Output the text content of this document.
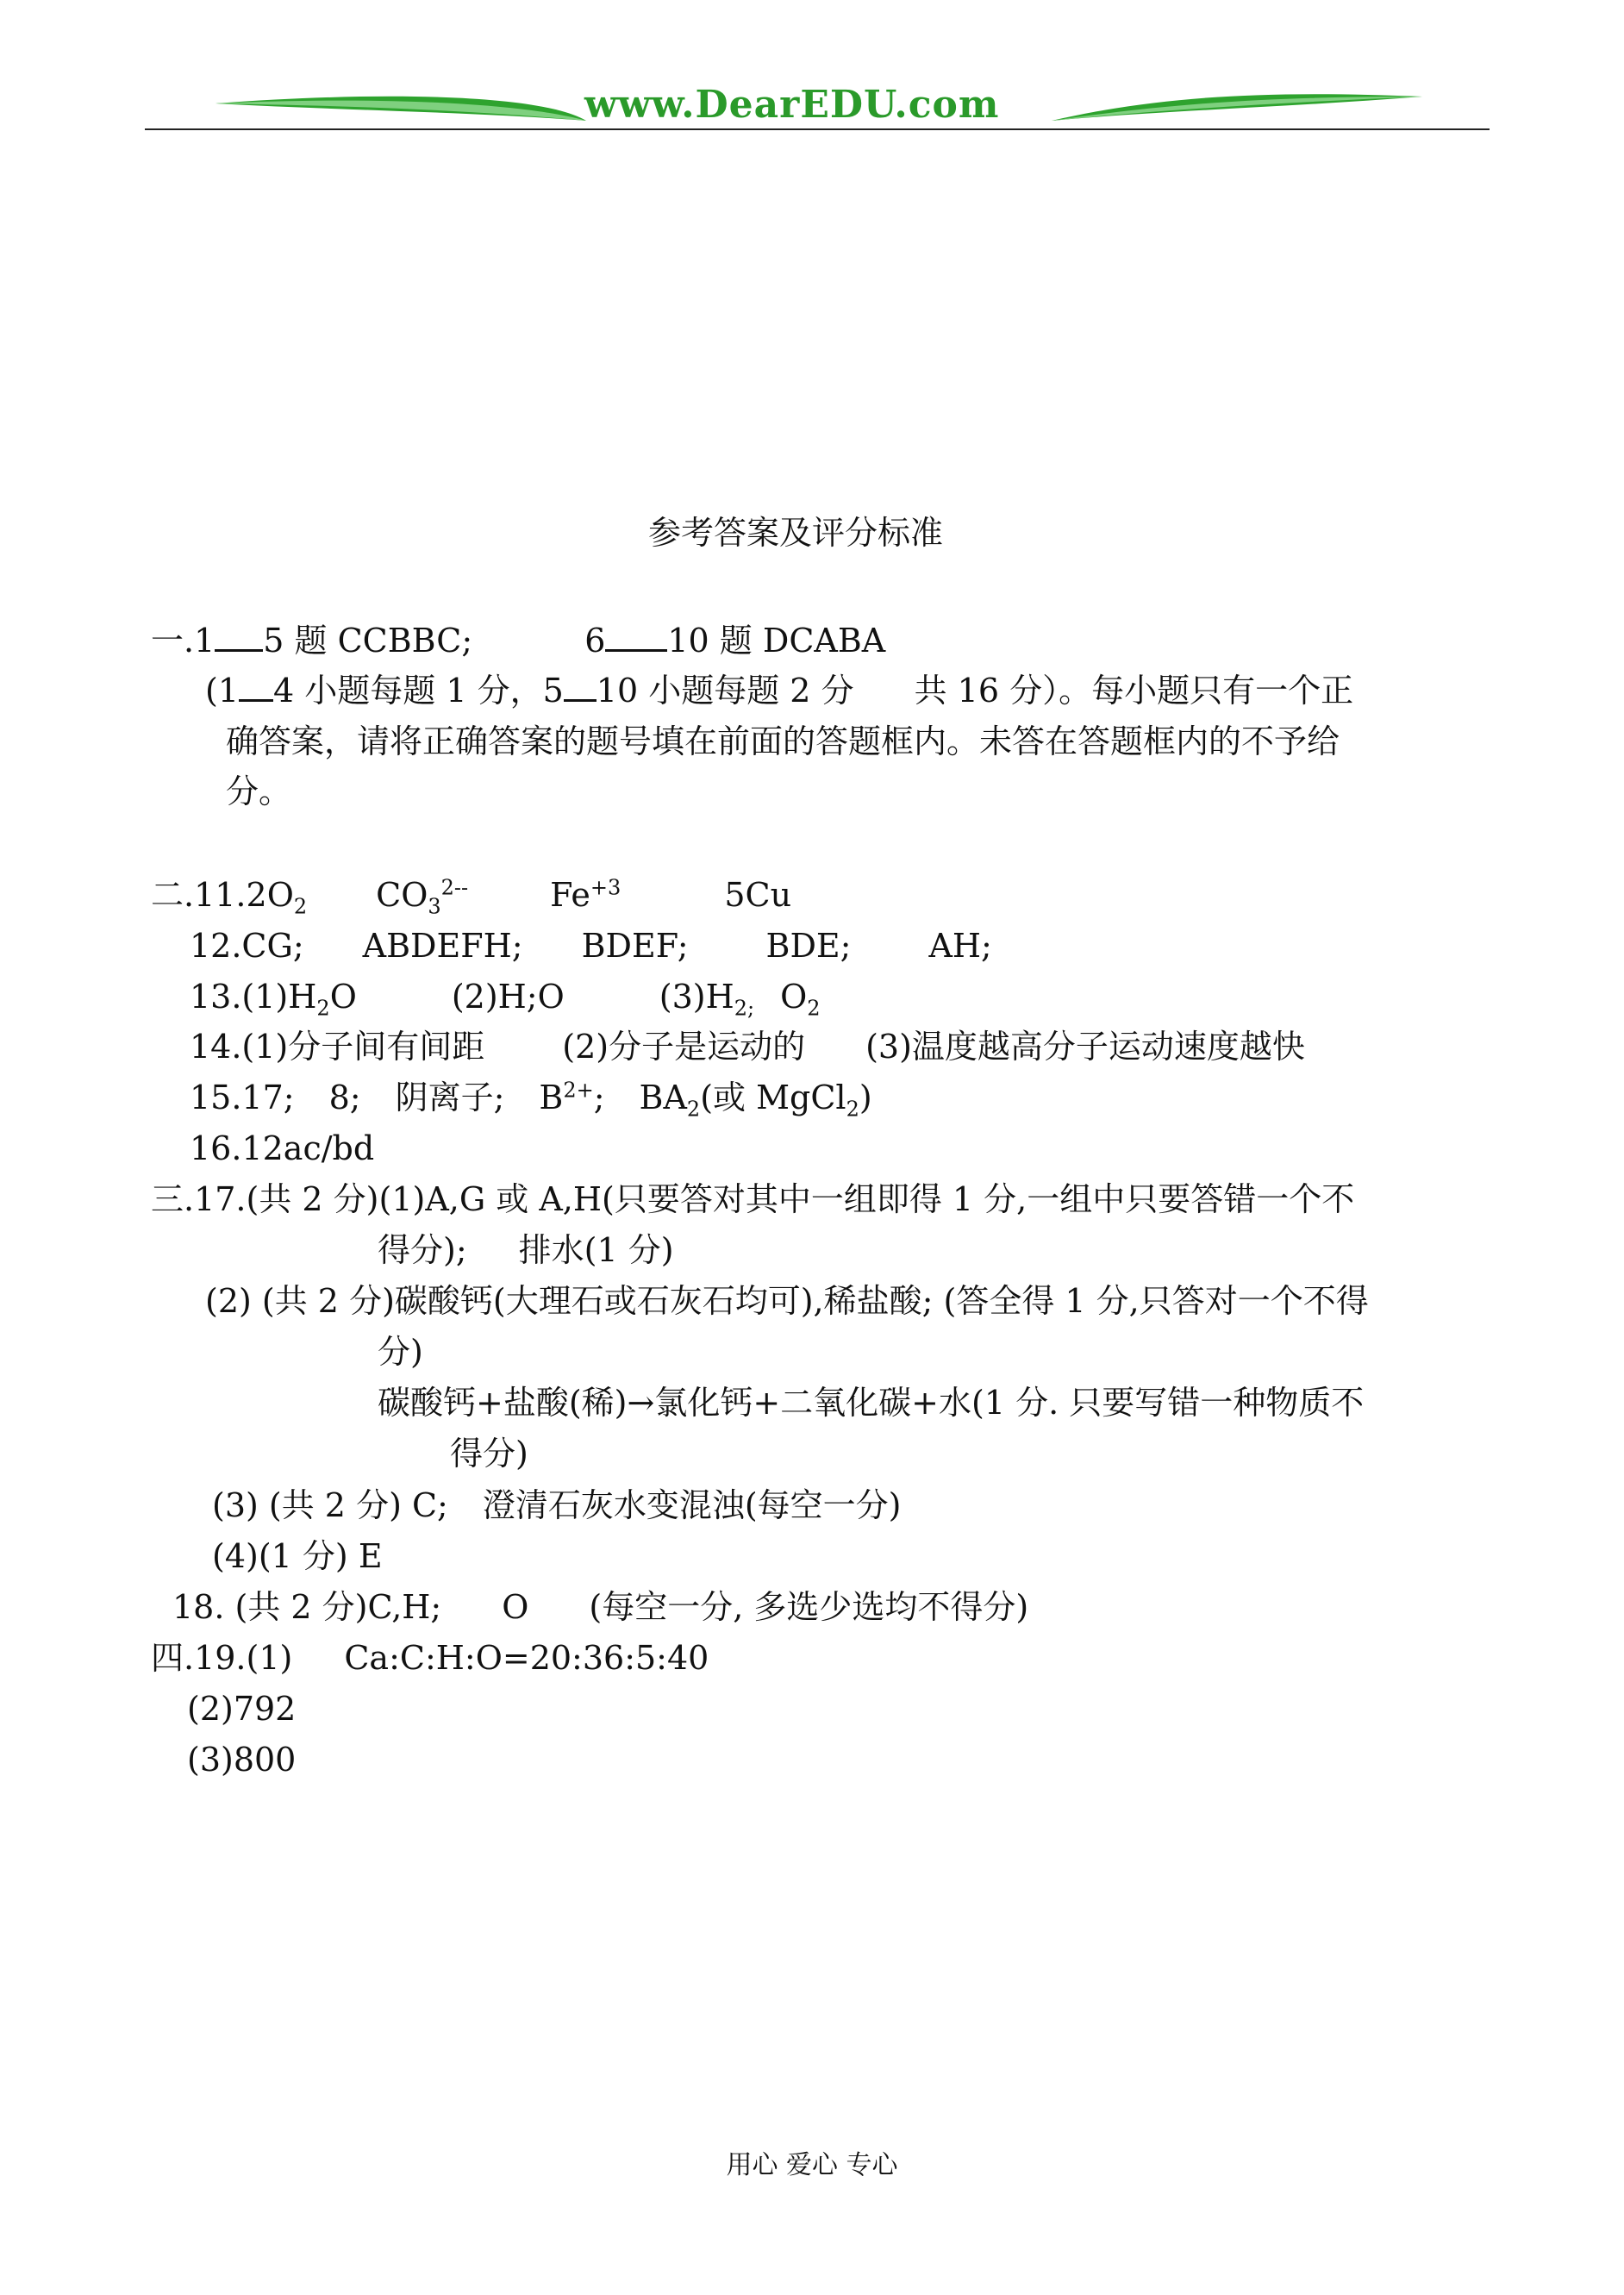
www.DearEDU.com
参考答案及评分标准
一.1 5 题 CCBBC;	6 10 题 DCABA
(1 4 小题每题 1 分，5 10 小题每题 2 分 共 16 分）。每小题只有一个正
确答案，请将正确答案的题号填在前面的答题框内。未答在答题框内的不予给
分。
二$.11.2O_2$ $CO_3^{2--}$	$Fe^{+3}$	5Cu
12.CG; ABDEFH; BDEF; BDE; AH;
$13.(1)H_2O$	(2)H;O	$(3)H_{2;}$ $O_2$
14.(1)分子间有间距 (2)分子是运动的 (3)温度越高分子运动速度越快
15.17; 8; 阴离子; $B^{2+}$; $BA_2$(或 MgCl$_2$)
16.12ac/bd
三.17.(共 2 分)(1)A,G 或 A,H(只要答对其中一组即得 1 分,一组中只要答错一个不
得分); 排水(1 分)
(2) (共 2 分)碳酸钙(大理石或石灰石均可),稀盐酸; (答全得 1 分,只答对一个不得
分)
碳酸钙+盐酸(稀)→氯化钙+二氧化碳+水(1 分. 只要写错一种物质不
得分)
(3) (共 2 分) C; 澄清石灰水变混浊(每空一分)
(4)(1 分) E
18. (共 2 分)C,H; O (每空一分, 多选少选均不得分)
四.19.(1) Ca:C:H:O=20:36:5:40
(2)792
(3)800
用心 爱心 专心
